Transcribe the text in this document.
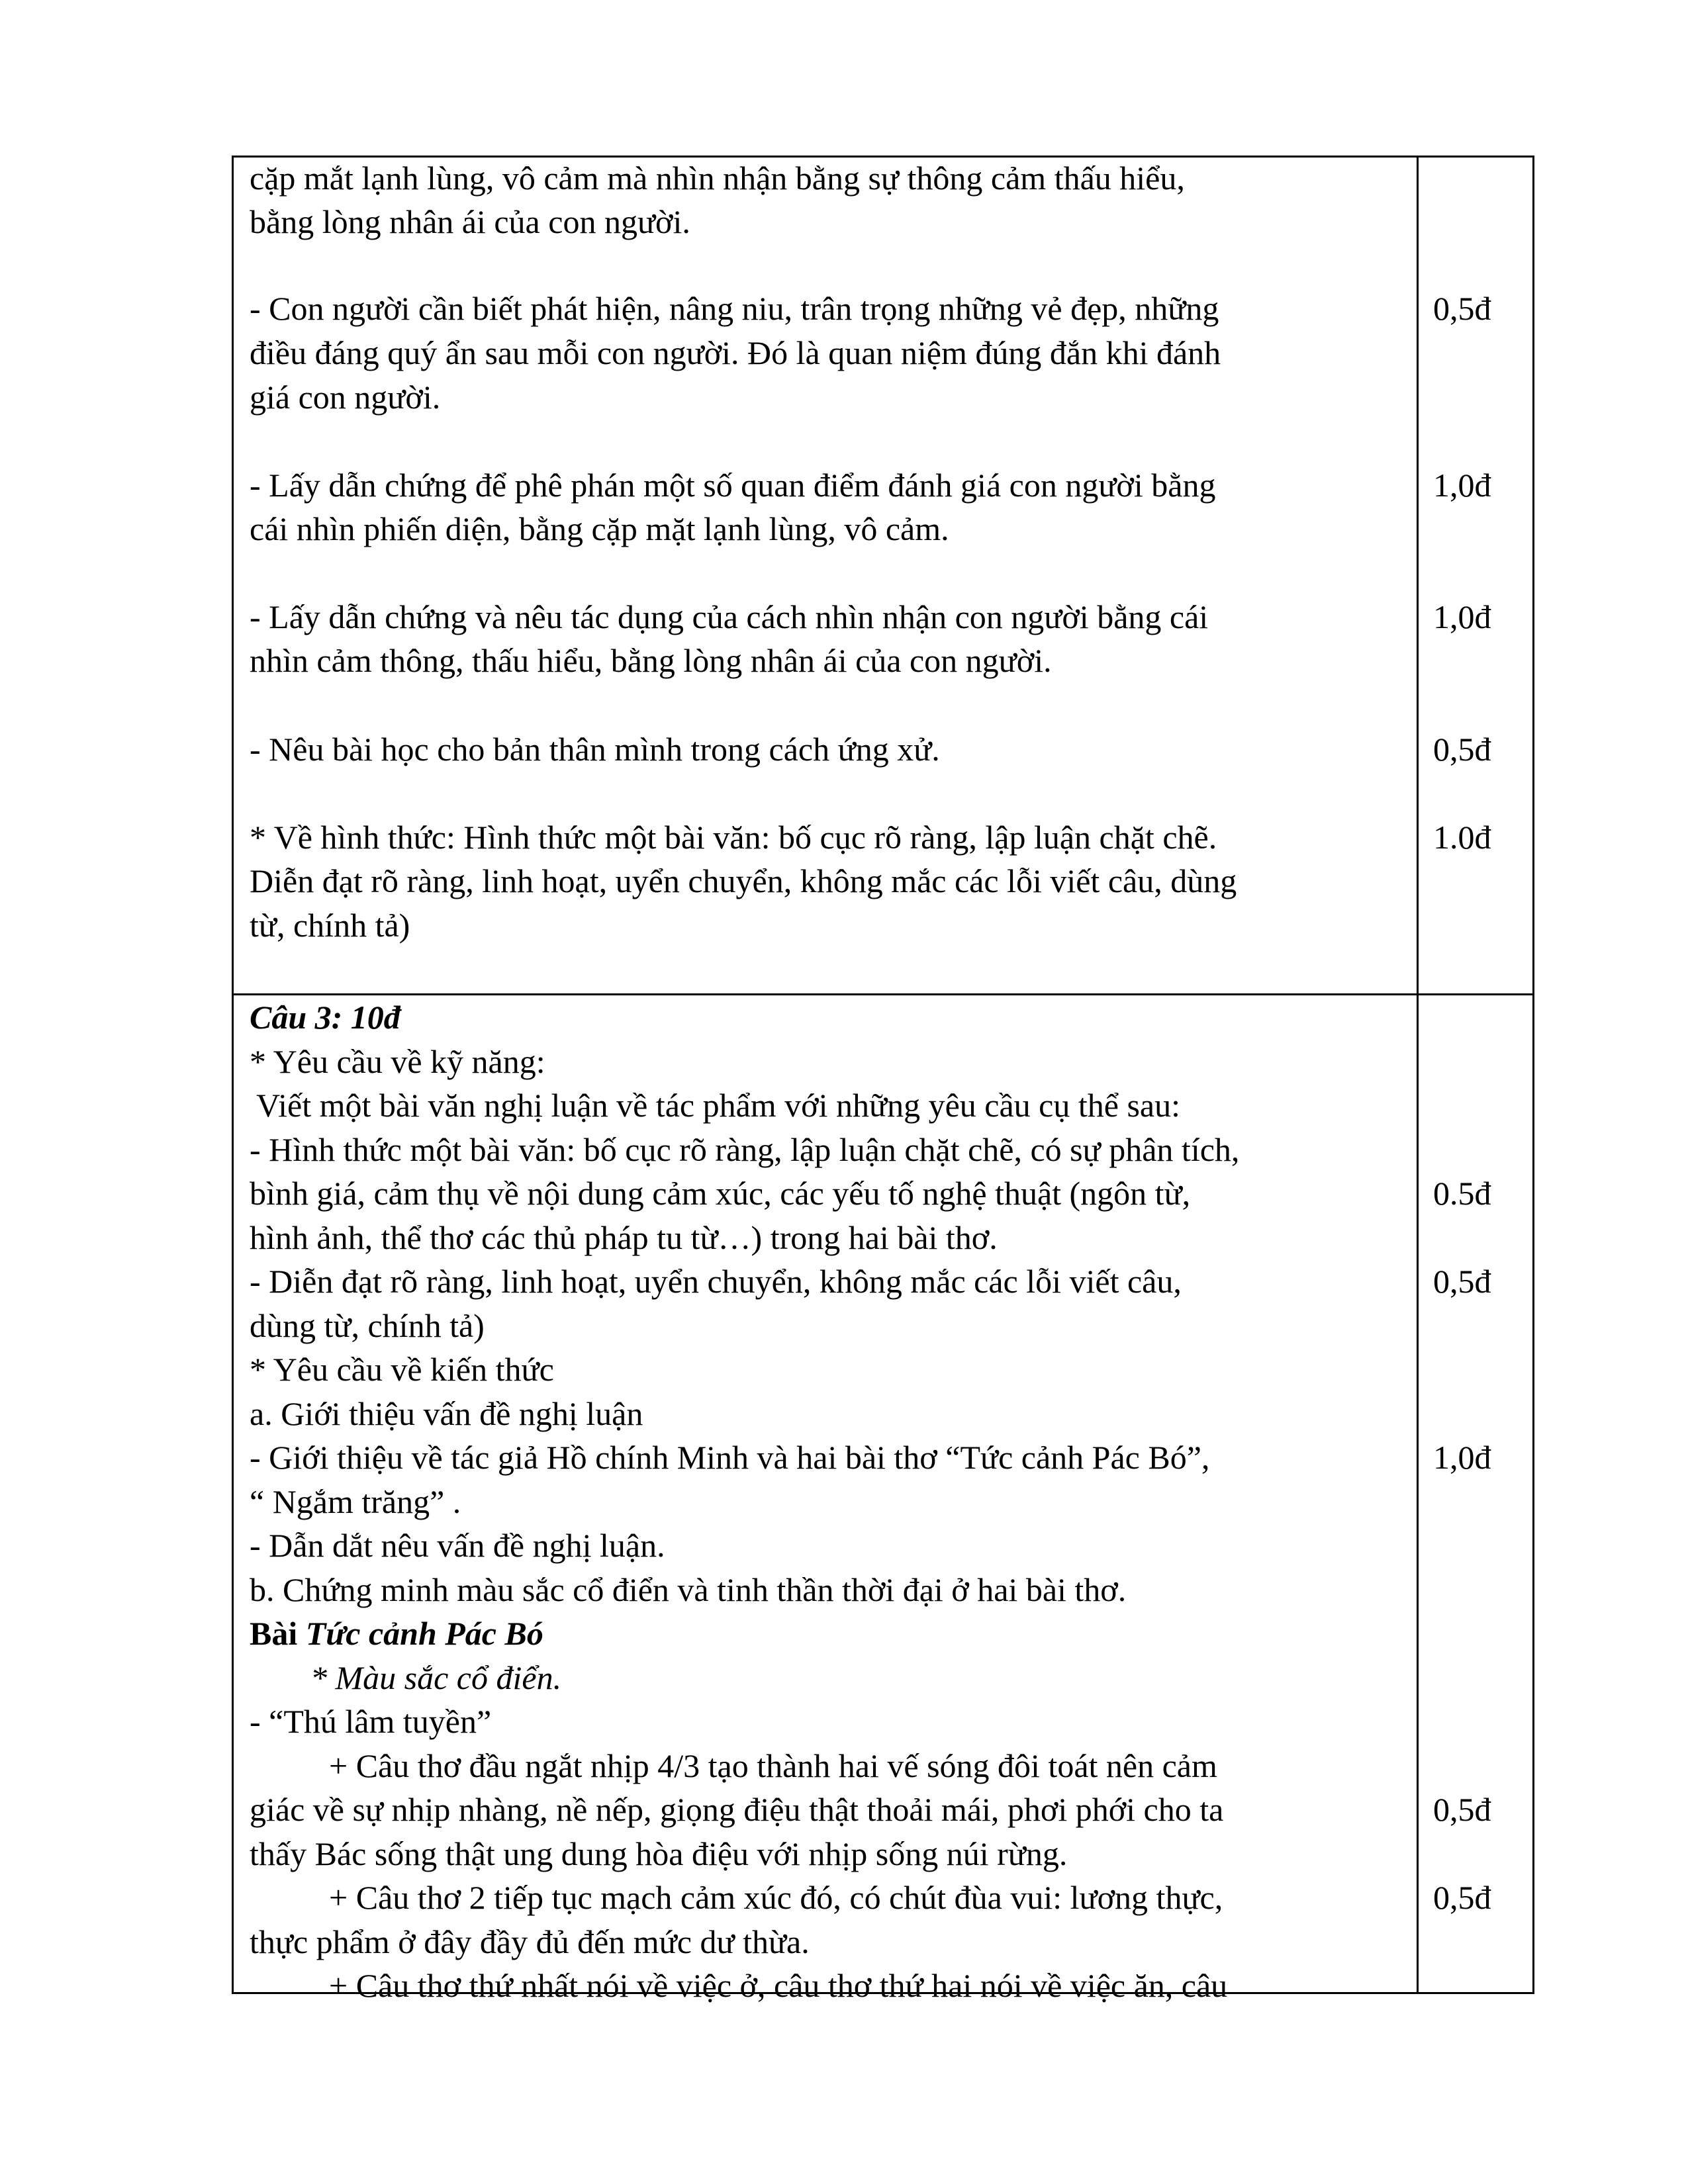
cặp mắt lạnh lùng, vô cảm mà nhìn nhận bằng sự thông cảm thấu hiểu,
bằng lòng nhân ái của con người.
- Con người cần biết phát hiện, nâng niu, trân trọng những vẻ đẹp, những
điều đáng quý ẩn sau mỗi con người. Đó là quan niệm đúng đắn khi đánh
giá con người.
- Lấy dẫn chứng để phê phán một số quan điểm đánh giá con người bằng
cái nhìn phiến diện, bằng cặp mặt lạnh lùng, vô cảm.
- Lấy dẫn chứng và nêu tác dụng của cách nhìn nhận con người bằng cái
nhìn cảm thông, thấu hiểu, bằng lòng nhân ái của con người.
- Nêu bài học cho bản thân mình trong cách ứng xử.
* Về hình thức: Hình thức một bài văn: bố cục rõ ràng, lập luận chặt chẽ.
Diễn đạt rõ ràng, linh hoạt, uyển chuyển, không mắc các lỗi viết câu, dùng
từ, chính tả)
0,5đ
1,0đ
1,0đ
0,5đ
1.0đ
Câu 3: 10đ
* Yêu cầu về kỹ năng:
Viết một bài văn nghị luận về tác phẩm với những yêu cầu cụ thể sau:
- Hình thức một bài văn: bố cục rõ ràng, lập luận chặt chẽ, có sự phân tích,
bình giá, cảm thụ về nội dung cảm xúc, các yếu tố nghệ thuật (ngôn từ,
hình ảnh, thể thơ các thủ pháp tu từ…) trong hai bài thơ.
- Diễn đạt rõ ràng, linh hoạt, uyển chuyển, không mắc các lỗi viết câu,
dùng từ, chính tả)
* Yêu cầu về kiến thức
a. Giới thiệu vấn đề nghị luận
- Giới thiệu về tác giả Hồ chính Minh và hai bài thơ “Tức cảnh Pác Bó”,
“ Ngắm trăng” .
- Dẫn dắt nêu vấn đề nghị luận.
b. Chứng minh màu sắc cổ điển và tinh thần thời đại ở hai bài thơ.
Bài Tức cảnh Pác Bó
* Màu sắc cổ điển.
- “Thú lâm tuyền”
+ Câu thơ đầu ngắt nhịp 4/3 tạo thành hai vế sóng đôi toát nên cảm
giác về sự nhịp nhàng, nề nếp, giọng điệu thật thoải mái, phơi phới cho ta
thấy Bác sống thật ung dung hòa điệu với nhịp sống núi rừng.
+ Câu thơ 2 tiếp tục mạch cảm xúc đó, có chút đùa vui: lương thực,
thực phẩm ở đây đầy đủ đến mức dư thừa.
+ Câu thơ thứ nhất nói về việc ở, câu thơ thứ hai nói về việc ăn, câu
0.5đ
0,5đ
1,0đ
0,5đ
0,5đ
